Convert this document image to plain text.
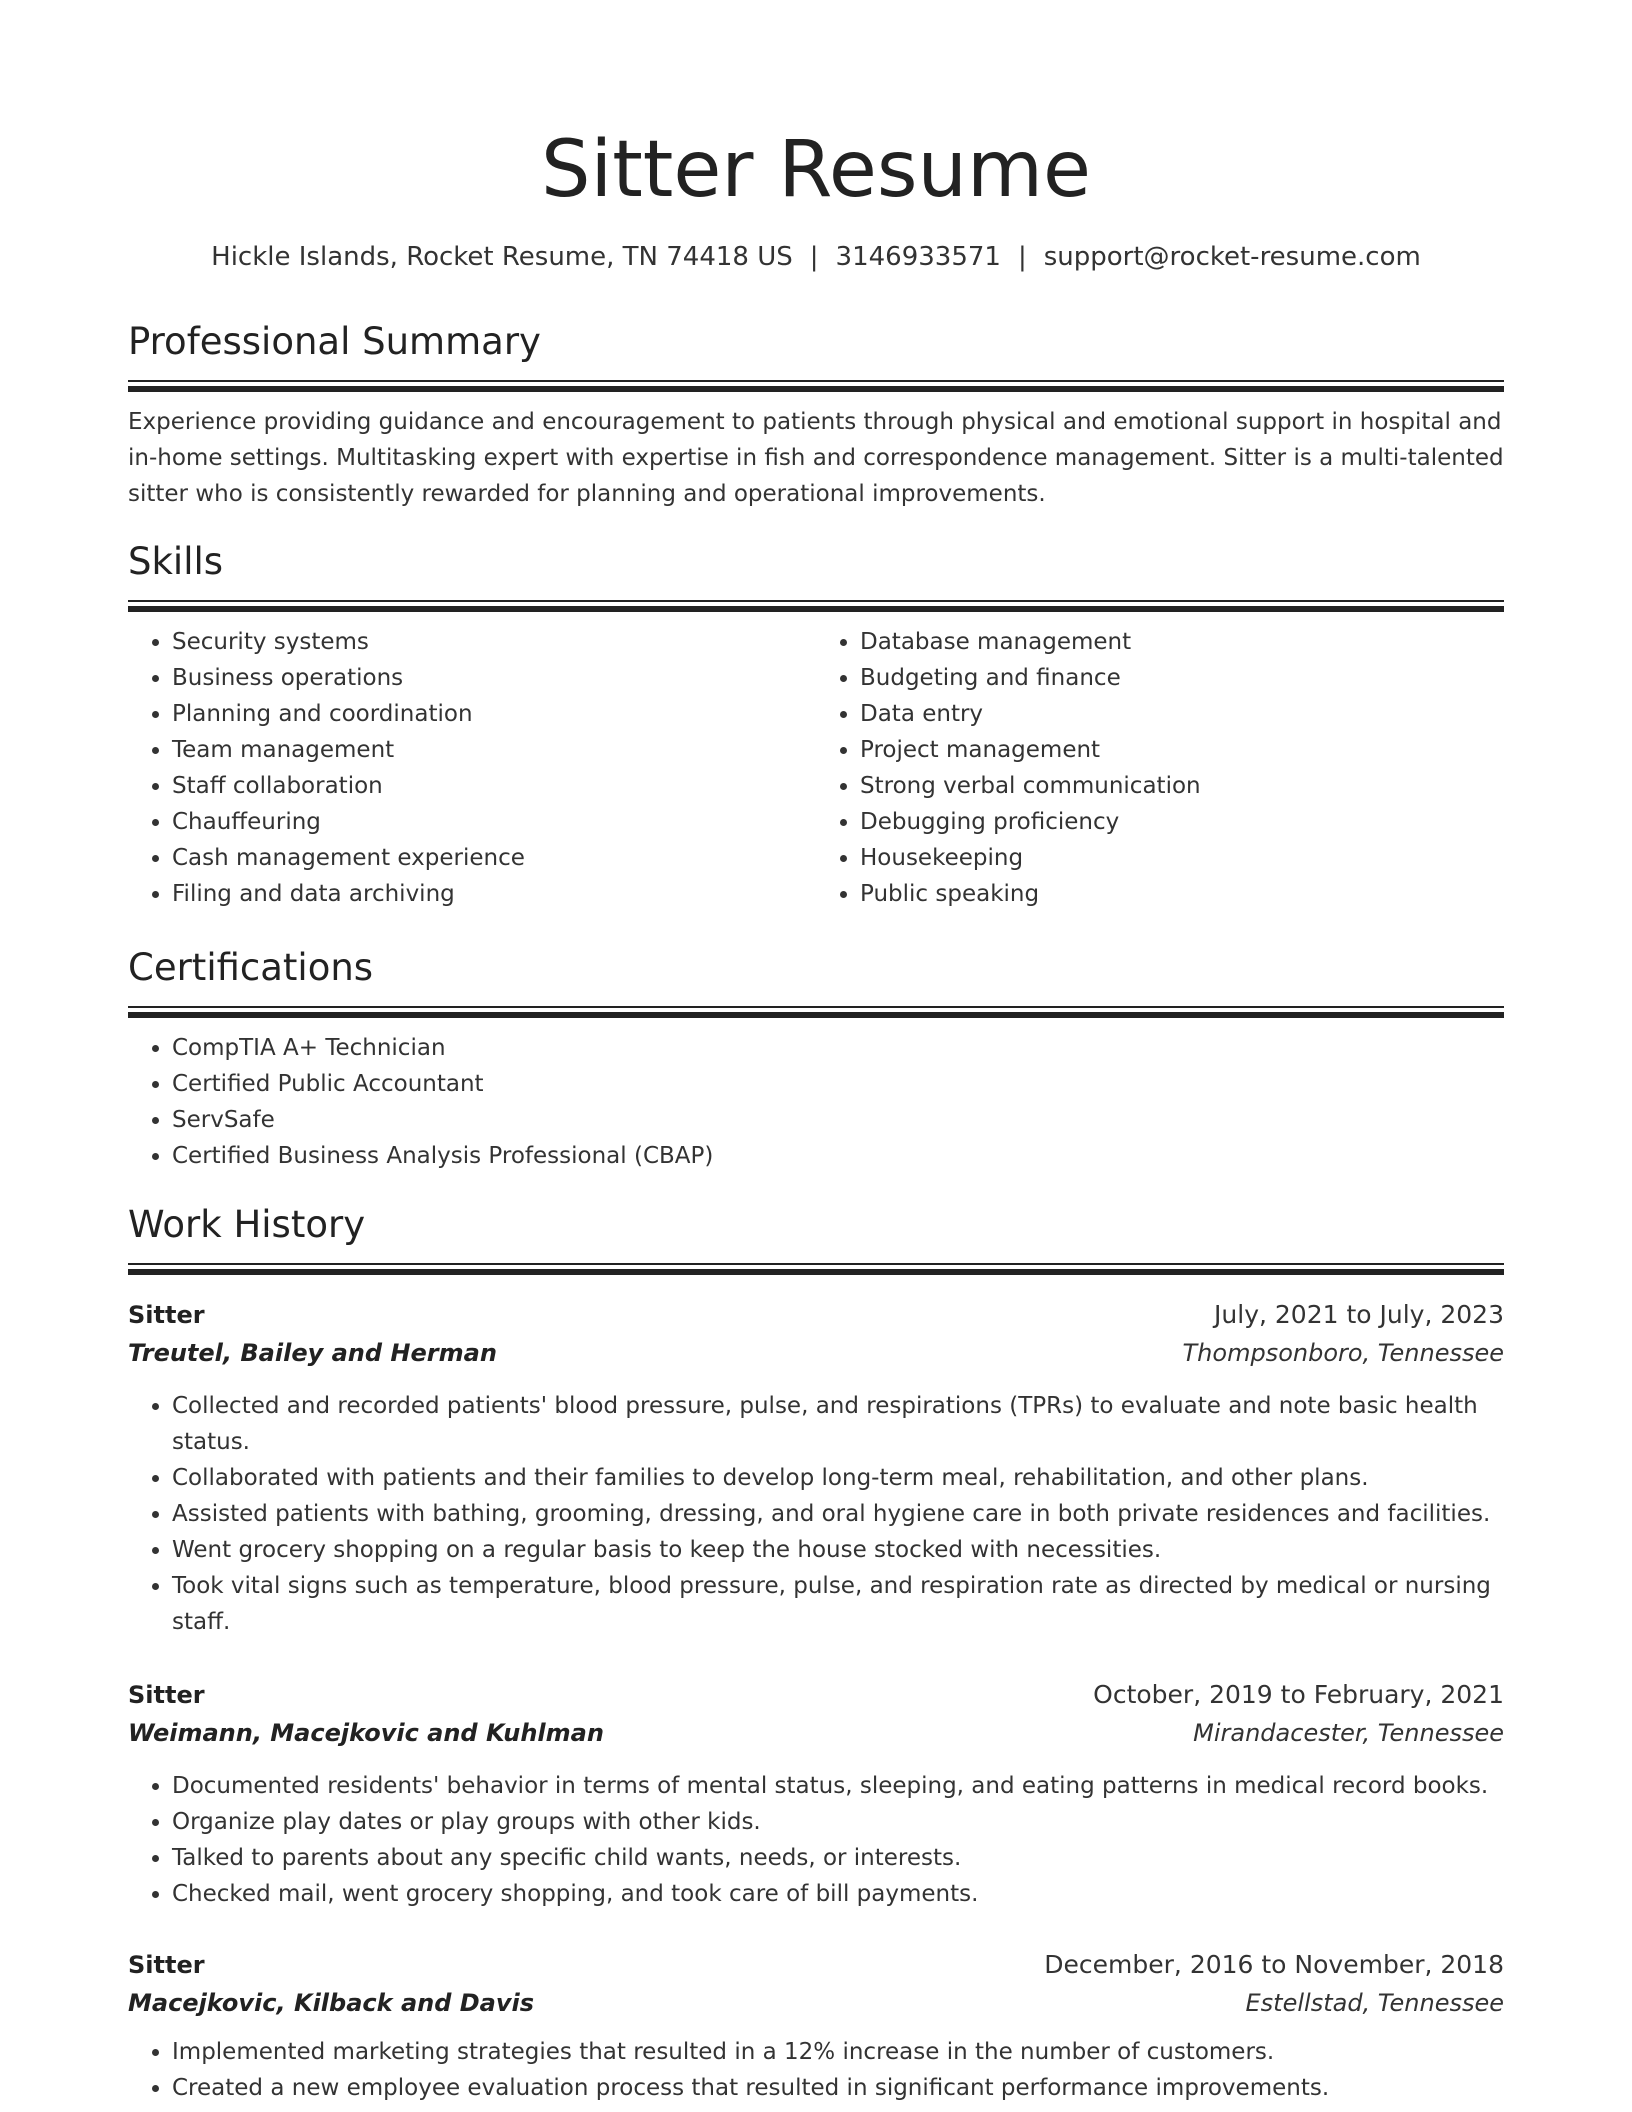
Sitter Resume

Hickle Islands, Rocket Resume, TN 74418 US | 3146933571 | support@rocket-resume.com

Professional Summary

Experience providing guidance and encouragement to patients through physical and emotional support in hospital and in-home settings. Multitasking expert with expertise in fish and correspondence management. Sitter is a multi-talented sitter who is consistently rewarded for planning and operational improvements.

Skills
• Security systems
• Business operations
• Planning and coordination
• Team management
• Staff collaboration
• Chauffeuring
• Cash management experience
• Filing and data archiving
• Database management
• Budgeting and finance
• Data entry
• Project management
• Strong verbal communication
• Debugging proficiency
• Housekeeping
• Public speaking
Certifications
• CompTIA A+ Technician
• Certified Public Accountant
• ServSafe
• Certified Business Analysis Professional (CBAP)
Work History
Sitter	July, 2021 to July, 2023
Treutel, Bailey and Herman	Thompsonboro, Tennessee
• Collected and recorded patients' blood pressure, pulse, and respirations (TPRs) to evaluate and note basic health status.
• Collaborated with patients and their families to develop long-term meal, rehabilitation, and other plans.
• Assisted patients with bathing, grooming, dressing, and oral hygiene care in both private residences and facilities.
• Went grocery shopping on a regular basis to keep the house stocked with necessities.
• Took vital signs such as temperature, blood pressure, pulse, and respiration rate as directed by medical or nursing staff.
Sitter	October, 2019 to February, 2021
Weimann, Macejkovic and Kuhlman	Mirandacester, Tennessee
• Documented residents' behavior in terms of mental status, sleeping, and eating patterns in medical record books.
• Organize play dates or play groups with other kids.
• Talked to parents about any specific child wants, needs, or interests.
• Checked mail, went grocery shopping, and took care of bill payments.
Sitter	December, 2016 to November, 2018
Macejkovic, Kilback and Davis	Estellstad, Tennessee
• Implemented marketing strategies that resulted in a 12% increase in the number of customers.
• Created a new employee evaluation process that resulted in significant performance improvements.
